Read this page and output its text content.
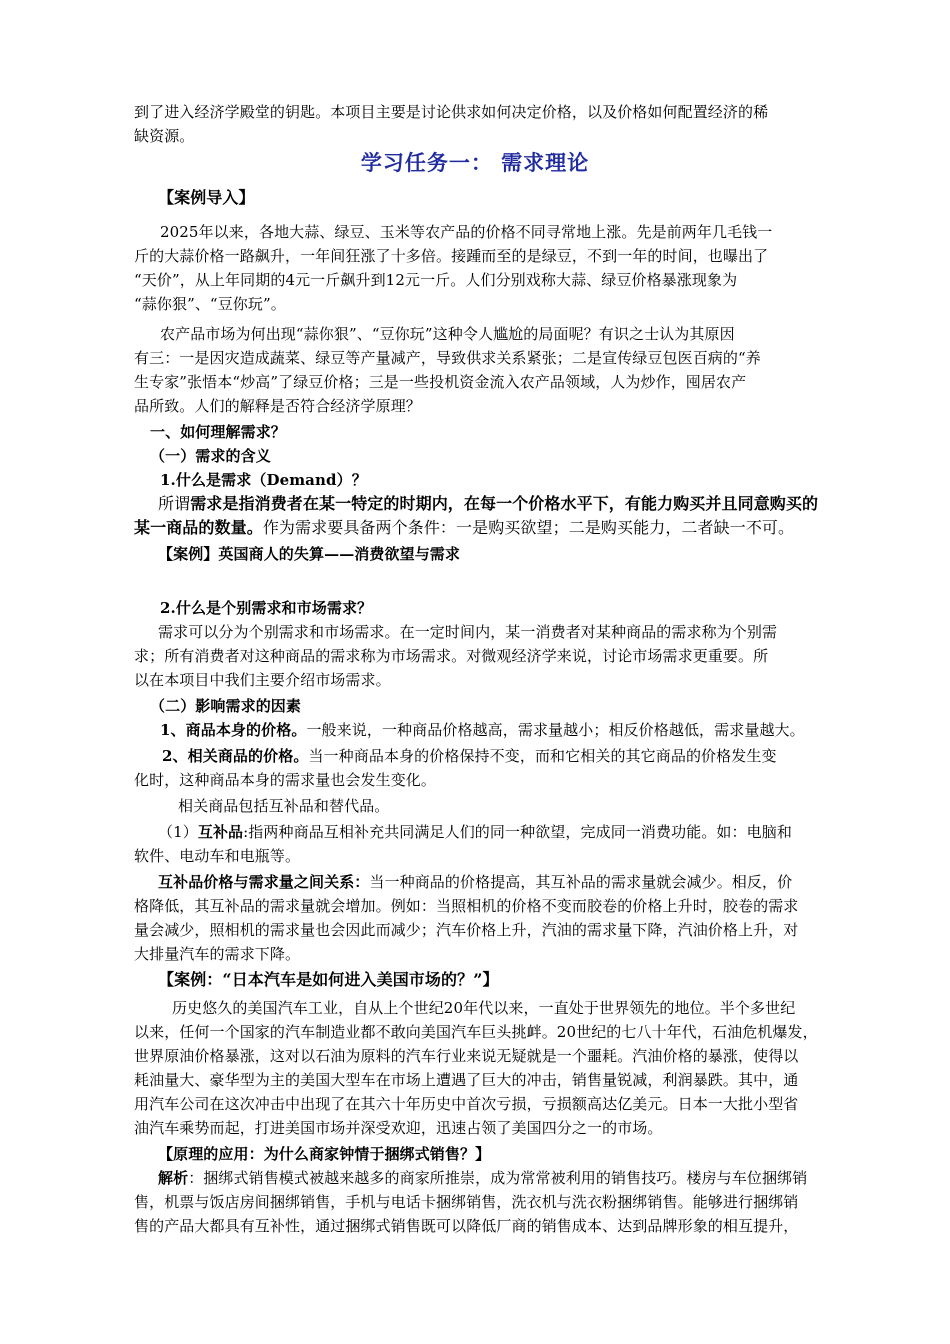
到了进入经济学殿堂的钥匙。本项目主要是讨论供求如何决定价格，以及价格如何配置经济的稀
缺资源。
学习任务一： 需求理论
【案例导入】
2025年以来，各地大蒜、绿豆、玉米等农产品的价格不同寻常地上涨。先是前两年几毛钱一
斤的大蒜价格一路飙升，一年间狂涨了十多倍。接踵而至的是绿豆，不到一年的时间，也曝出了
“天价”，从上年同期的4元一斤飙升到12元一斤。人们分别戏称大蒜、绿豆价格暴涨现象为
“蒜你狠”、“豆你玩”。
农产品市场为何出现“蒜你狠”、“豆你玩”这种令人尴尬的局面呢？有识之士认为其原因
有三：一是因灾造成蔬菜、绿豆等产量减产，导致供求关系紧张；二是宣传绿豆包医百病的“养
生专家”张悟本“炒高”了绿豆价格；三是一些投机资金流入农产品领域，人为炒作，囤居农产
品所致。人们的解释是否符合经济学原理？
一、如何理解需求？
（一）需求的含义
1.什么是需求（Demand）？
所谓需求是指消费者在某一特定的时期内，在每一个价格水平下，有能力购买并且同意购买的
某一商品的数量。作为需求要具备两个条件：一是购买欲望；二是购买能力，二者缺一不可。
【案例】英国商人的失算——消费欲望与需求
2.什么是个别需求和市场需求？
需求可以分为个别需求和市场需求。在一定时间内，某一消费者对某种商品的需求称为个别需
求；所有消费者对这种商品的需求称为市场需求。对微观经济学来说，讨论市场需求更重要。所
以在本项目中我们主要介绍市场需求。
（二）影响需求的因素
1、商品本身的价格。一般来说，一种商品价格越高，需求量越小；相反价格越低，需求量越大。
2、相关商品的价格。当一种商品本身的价格保持不变，而和它相关的其它商品的价格发生变
化时，这种商品本身的需求量也会发生变化。
相关商品包括互补品和替代品。
（1）互补品:指两种商品互相补充共同满足人们的同一种欲望，完成同一消费功能。如：电脑和
软件、电动车和电瓶等。
互补品价格与需求量之间关系：当一种商品的价格提高，其互补品的需求量就会减少。相反，价
格降低，其互补品的需求量就会增加。例如：当照相机的价格不变而胶卷的价格上升时，胶卷的需求
量会减少，照相机的需求量也会因此而减少；汽车价格上升，汽油的需求量下降，汽油价格上升，对
大排量汽车的需求下降。
【案例：“日本汽车是如何进入美国市场的？”】
历史悠久的美国汽车工业，自从上个世纪20年代以来，一直处于世界领先的地位。半个多世纪
以来，任何一个国家的汽车制造业都不敢向美国汽车巨头挑衅。20世纪的七八十年代，石油危机爆发，
世界原油价格暴涨，这对以石油为原料的汽车行业来说无疑就是一个噩耗。汽油价格的暴涨，使得以
耗油量大、豪华型为主的美国大型车在市场上遭遇了巨大的冲击，销售量锐减，利润暴跌。其中，通
用汽车公司在这次冲击中出现了在其六十年历史中首次亏损，亏损额高达亿美元。日本一大批小型省
油汽车乘势而起，打进美国市场并深受欢迎，迅速占领了美国四分之一的市场。
【原理的应用：为什么商家钟情于捆绑式销售？】
解析：捆绑式销售模式被越来越多的商家所推崇，成为常常被利用的销售技巧。楼房与车位捆绑销
售，机票与饭店房间捆绑销售，手机与电话卡捆绑销售，洗衣机与洗衣粉捆绑销售。能够进行捆绑销
售的产品大都具有互补性，通过捆绑式销售既可以降低厂商的销售成本、达到品牌形象的相互提升，
